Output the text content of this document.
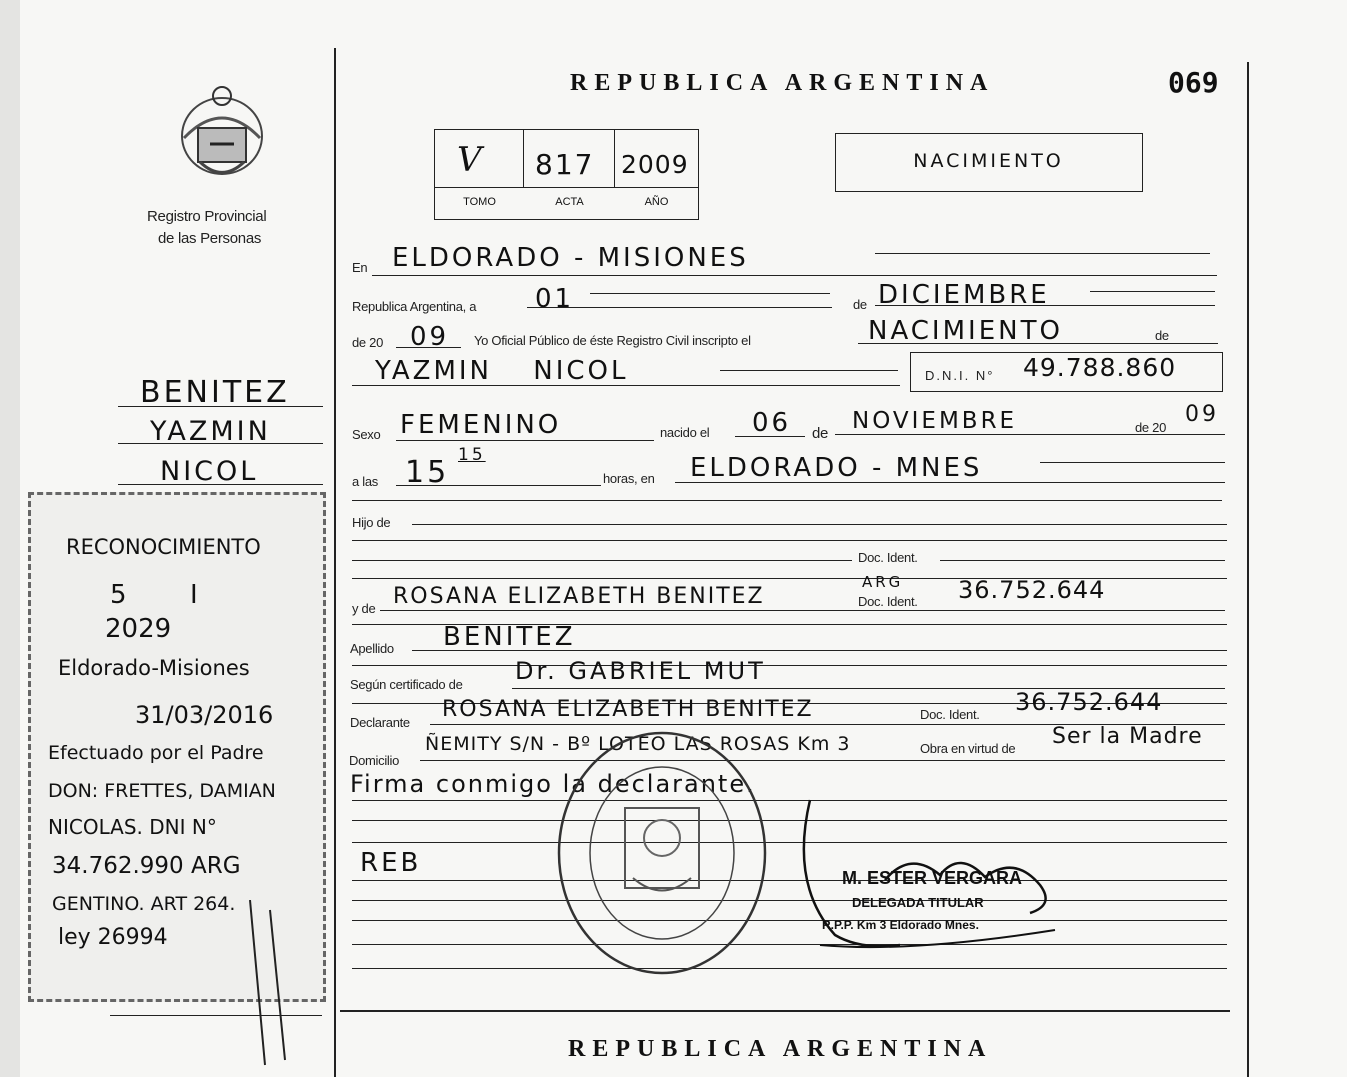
Registro Provincial
de las Personas
BENITEZ
YAZMIN
NICOL
RECONOCIMIENTO
5 I
2029
Eldorado-Misiones
31/03/2016
Efectuado por el Padre
DON: FRETTES, DAMIAN
NICOLAS. DNI N°
34.762.990 ARG
GENTINO. ART 264.
ley 26994
REPUBLICA ARGENTINA	069
V 817 2009
TOMO	ACTA	AÑO
NACIMIENTO
En ELDORADO - MISIONES
Republica Argentina, a 01	de DICIEMBRE
de 20 09 Yo Oficial Público de éste Registro Civil inscripto el	NACIMIENTO	de
YAZMIN NICOL	D.N.I. N° 49.788.860
Sexo FEMENINO	nacido el 06 de NOVIEMBRE	de 20
09
a las 15 15
horas, en ELDORADO - MNES
Hijo de
Doc. Ident.
y de ROSANA ELIZABETH BENITEZ
ARG
Doc. Ident. 36.752.644
Apellido BENITEZ
Según certificado de Dr. GABRIEL MUT
Declarante
ROSANA ELIZABETH BENITEZ	Doc. Ident. 36.752.644
Domicilio
ÑEMITY S/N - Bº LOTEO LAS ROSAS Km 3	Obra en virtud de Ser la Madre
Firma conmigo la declarante.
REB	M. ESTER VERGARA
DELEGADA TITULAR
R.P.P. Km 3 Eldorado Mnes.
REPUBLICA ARGENTINA
